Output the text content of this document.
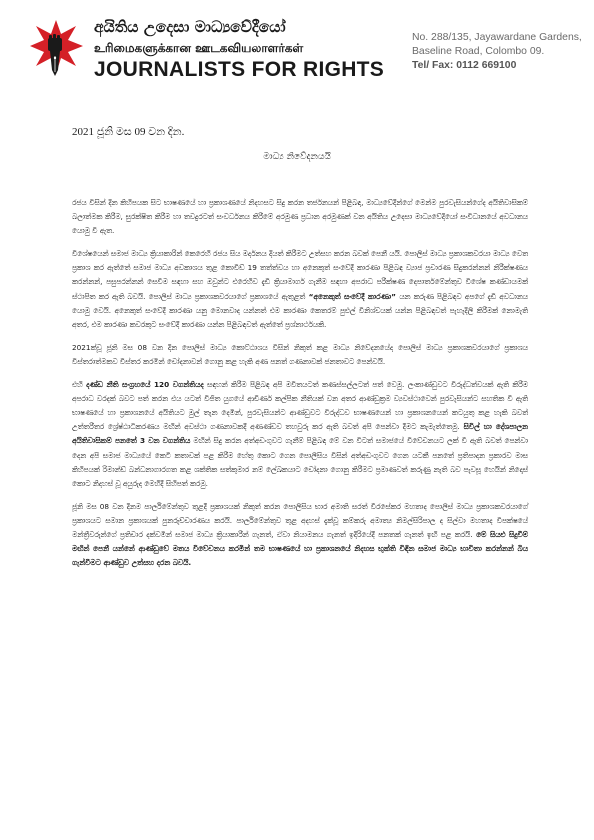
අයිතිය උදෙසා මාධ්‍යවේදීයෝ
உரிமைகளுக்கான ஊடகவியலாளர்கள்
JOURNALISTS FOR RIGHTS
No. 288/135, Jayawardane Gardens,
Baseline Road, Colombo 09.
Tel/ Fax: 0112 669100
2021 ජූනි මස 09 වන දින.
මාධ්‍ය නිවේදනයයි

රජය විසින් දින කිහිපයක සිට භාෂණයේ හා ප්‍රකාශණයේ නිදහසට සිදු කරන තර්ජනයන් පිළිබඳ, මාධ්‍යවේදීන්ගේ මෙන්ම පුරවැසියන්ගේද අයිතිවාසිකම් බලාත්මක කිරීම, සුරක්ෂිත කිරීම හා තවදුරටත් සංවර්ධනය කිරීමේ අරමුණ ප්‍රධාන අරමුණක් වන අයිතිය උදෙසා මාධ්‍යවේදියෝ සංවිධානයේ අවධානය යොමු වී ඇත.

විශේෂයෙන් සමාජ මාධ්‍ය ක්‍රියාකාරින් කෙරෙහි රජය සිය මර්දනය දියත් කිරීමට උත්සහ කරන බවක් පෙනී යයි. පොලිස් මාධ්‍ය ප්‍රකාශකවරයා මාධ්‍ය වෙත ප්‍රකාශ කර ඇත්තේ සමාජ මාධ්‍ය අවකාශය තුළ කොවිඩ් 19 තත්ත්වය හා අනෙකුත් සංවේදී කාරණා පිළිබඳ ව්‍යාජ ප්‍රචාරණ සිදුකරන්නන් නිරීක්ෂණය කරන්නන්, පසුපරන්නන් සෙවීම සඳහා සහ ඔවුන්ට එරෙහිව දැඩි ක්‍රියාමාර්ග ගැනීම සඳහා අපරාධ පරීක්ෂණ දෙපාර්තමේන්තුව විශේෂ කණ්ඩායමක් ස්ථාපිත කර ඇති බවයි. පොලිස් මාධ්‍ය ප්‍රකාශකවරයාගේ ප්‍රකාශයේ ඇතුළත් “අනෙකුත් සංවේදී කාරණා” යන කරුණ පිළිබඳව අපගේ දැඩි අවධානය යොමු වෙයි. අනෙකුත් සංවේදී කාරණා යනු මොනවාද යන්නත් එම කාරණා කෙතරම් පුළුල් විනිශ්චයක් යන්න පිළිබඳවත් පැහැදිලි කිරීමක් නොමැති අතර, එම කාරණා කවරකුට සංවේදී කාරණා යන්න පිළිබඳවත් ඇත්තේ ප්‍රශ්නාර්ථයකි.

2021ක්වූ ජූනි මස 08 වන දින පොලිස් මාධ්‍ය කොට්ඨාශය විසින් නිකුත් කළ මාධ්‍ය නිවේදනයේද පොලිස් මාධ්‍ය ප්‍රකාශකවරයාගේ ප්‍රකාශය විස්තරාත්මකව විස්තර කරමින් චෝදනාවන් ගොනු කළ හැකි අණ පනත් ගණනාවක් ජනතාවට පෙන්වයි.

එහි දණ්ඩ නීති සංග්‍රහයේ 120 වගන්තියද සඳහන් කිරීම පිළිබඳ අපි මවිතයටත් කණස්සල්ලටත් පත් වෙමු. ලංකාණ්ඩුවට විරුද්ධත්වයක් ඇති කිරීම අපරාධ වරදක් බවට පත් කරන එය යටත් විජිත යුගයේ ආචීර්ණ කල්පික නීතියක් වන අතර ආණ්ඩුක්‍රම ව්‍යවස්ථාවෙන් පුරවැසියන්ට සහතික වී ඇති භාෂණයේ හා ප්‍රකාශනයේ අයිතියට මුල් තැන දෙමින්, පුරවැසියන්ට ආණ්ඩුවට විරුද්ධව භාෂණයෙන් හා ප්‍රකාශනයෙන් කටයුතු කළ හැකි බවත් උත්තරීතර ශ්‍රේෂ්ඨාධිකරණය මඟින් අවස්ථා ගණනාවකදී අණණ්ඩව තහවුරු කර ඇති බවත් අපි පෙන්වා දීමට කැමැත්තෙමු. සිවිල් හා දේශපාලන අයිතිවාසිකම් පනතේ 3 වන වගන්තිය මඟින් සිදු කරන අත්අඩංගුවට ගැනීම් පිළිබඳ මේ වන විටත් සමාජයේ විවේචනයට ලක් වී ඇති බවත් පෙන්වා දෙන අපි සමාජ මාධ්‍යයේ කෙටි කතාවක් පළ කිරීම හේතු කොට ගෙන පොලීසිය විසින් අත්අඩංගුවට ගෙන යටකී පනතේ ප්‍රතිපාදන ප්‍රකාරව මාස කිහිපයක් රිමාන්ඩ් බන්ධනාගාරගත කළ ශක්තික සත්කුමාර නම් ලේඛකයාට චෝදනා ගොනු කිරීමට ප්‍රමාණවත් කරුණු නැති බව පැවසූ හෙයින් නිදොස් කොට නිදහස් වූ අයුරුද මෙහිදී සිහිපත් කරමු.

ජූනි මස 08 වන දිනම පාර්ලිමේන්තුව තුළදී ප්‍රකාශයක් නිකුත් කරන පොලිසිය භාර අමාති සරත් වීරසේකර මහතාද පොලිස් මාධ්‍ය ප්‍රකාශකවරයාගේ ප්‍රකාශයට සමාන ප්‍රකාශයක් පුනරුච්චාරණය කරයි. පාර්ලිමේන්තුව තුළ අදහස් දැක්වූ කම්කරු අමාත්‍ය නිමල්සිරිපාල ද සිල්වා මහතාද විපක්ෂයේ මන්ත්‍රීවරුන්ගේ ප්‍රතිචාර දක්වමින් සමාජ මාධ්‍ය ක්‍රියාකාරීන් ගැනත්, ඒවා නියාමනය ගැනත් ඉදිරියේදී පනතක් ගැනත් ඉඟි පළ කරයි. මේ සියළු සිදුවීම් මඟින් පෙනී යන්නේ ආණ්ඩුවේ මතය විවේචනය කරමින් තම භාෂණයේ හා ප්‍රකාශනයේ නිදහස භුක්ති විඳින සමාජ මාධ්‍ය භාවිතා කරන්නන් බිය ගැන්වීමට ආණ්ඩුව උත්සහ දරන බවයි.
